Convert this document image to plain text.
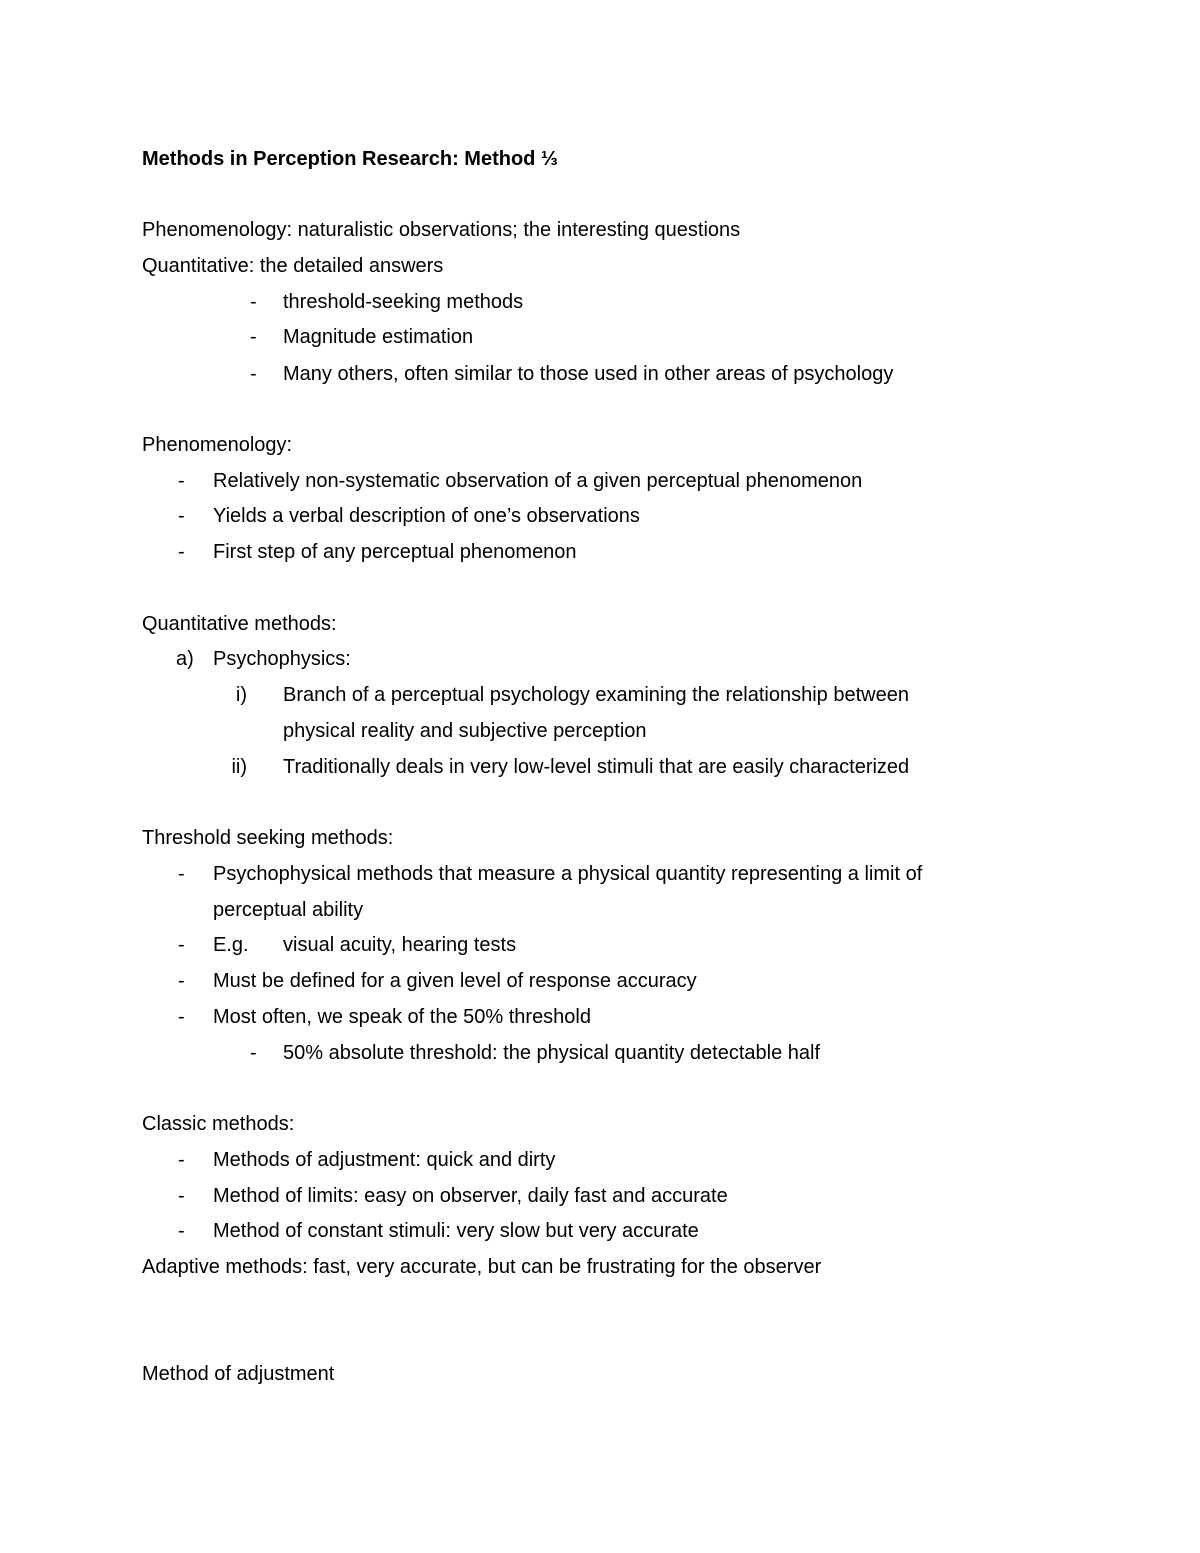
Methods in Perception Research: Method ⅓
Phenomenology: naturalistic observations; the interesting questions
Quantitative: the detailed answers
- threshold-seeking methods
- Magnitude estimation
- Many others, often similar to those used in other areas of psychology
Phenomenology:
- Relatively non-systematic observation of a given perceptual phenomenon
- Yields a verbal description of one’s observations
- First step of any perceptual phenomenon
Quantitative methods:
a) Psychophysics:
i) Branch of a perceptual psychology examining the relationship between
physical reality and subjective perception
ii) Traditionally deals in very low-level stimuli that are easily characterized
Threshold seeking methods:
- Psychophysical methods that measure a physical quantity representing a limit of
perceptual ability
- E.g. visual acuity, hearing tests
- Must be defined for a given level of response accuracy
- Most often, we speak of the 50% threshold
- 50% absolute threshold: the physical quantity detectable half
Classic methods:
- Methods of adjustment: quick and dirty
- Method of limits: easy on observer, daily fast and accurate
- Method of constant stimuli: very slow but very accurate
Adaptive methods: fast, very accurate, but can be frustrating for the observer
Method of adjustment
